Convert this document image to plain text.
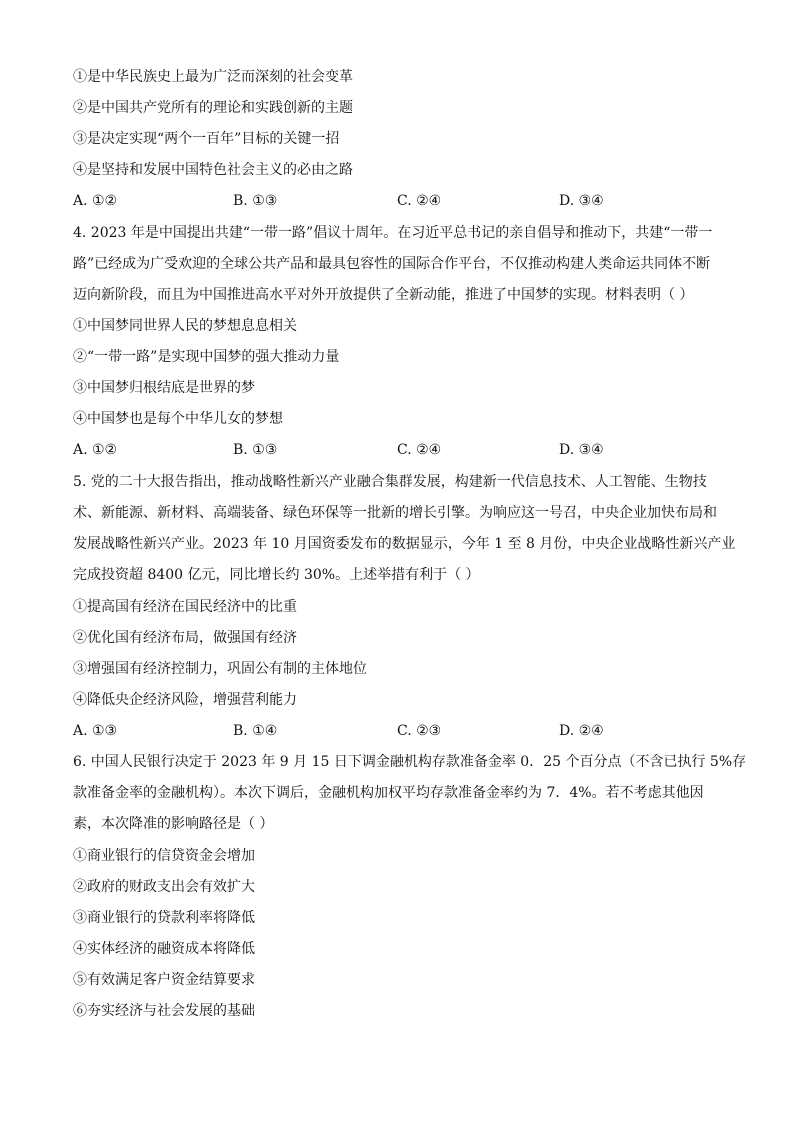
①是中华民族史上最为广泛而深刻的社会变革
②是中国共产党所有的理论和实践创新的主题
③是决定实现“两个一百年”目标的关键一招
④是坚持和发展中国特色社会主义的必由之路
A. ①②	B. ①③	C. ②④	D. ③④
4. 2023 年是中国提出共建“一带一路”倡议十周年。在习近平总书记的亲自倡导和推动下，共建“一带一
路”已经成为广受欢迎的全球公共产品和最具包容性的国际合作平台，不仅推动构建人类命运共同体不断
迈向新阶段，而且为中国推进高水平对外开放提供了全新动能，推进了中国梦的实现。材料表明（ ）
①中国梦同世界人民的梦想息息相关
②“一带一路”是实现中国梦的强大推动力量
③中国梦归根结底是世界的梦
④中国梦也是每个中华儿女的梦想
A. ①②	B. ①③	C. ②④	D. ③④
5. 党的二十大报告指出，推动战略性新兴产业融合集群发展，构建新一代信息技术、人工智能、生物技
术、新能源、新材料、高端装备、绿色环保等一批新的增长引擎。为响应这一号召，中央企业加快布局和
发展战略性新兴产业。2023 年 10 月国资委发布的数据显示，今年 1 至 8 月份，中央企业战略性新兴产业
完成投资超 8400 亿元，同比增长约 30%。上述举措有利于（ ）
①提高国有经济在国民经济中的比重
②优化国有经济布局，做强国有经济
③增强国有经济控制力，巩固公有制的主体地位
④降低央企经济风险，增强营利能力
A. ①③	B. ①④	C. ②③	D. ②④
6. 中国人民银行决定于 2023 年 9 月 15 日下调金融机构存款准备金率 0．25 个百分点（不含已执行 5%存
款准备金率的金融机构）。本次下调后，金融机构加权平均存款准备金率约为 7．4%。若不考虑其他因
素，本次降准的影响路径是（ ）
①商业银行的信贷资金会增加
②政府的财政支出会有效扩大
③商业银行的贷款利率将降低
④实体经济的融资成本将降低
⑤有效满足客户资金结算要求
⑥夯实经济与社会发展的基础
